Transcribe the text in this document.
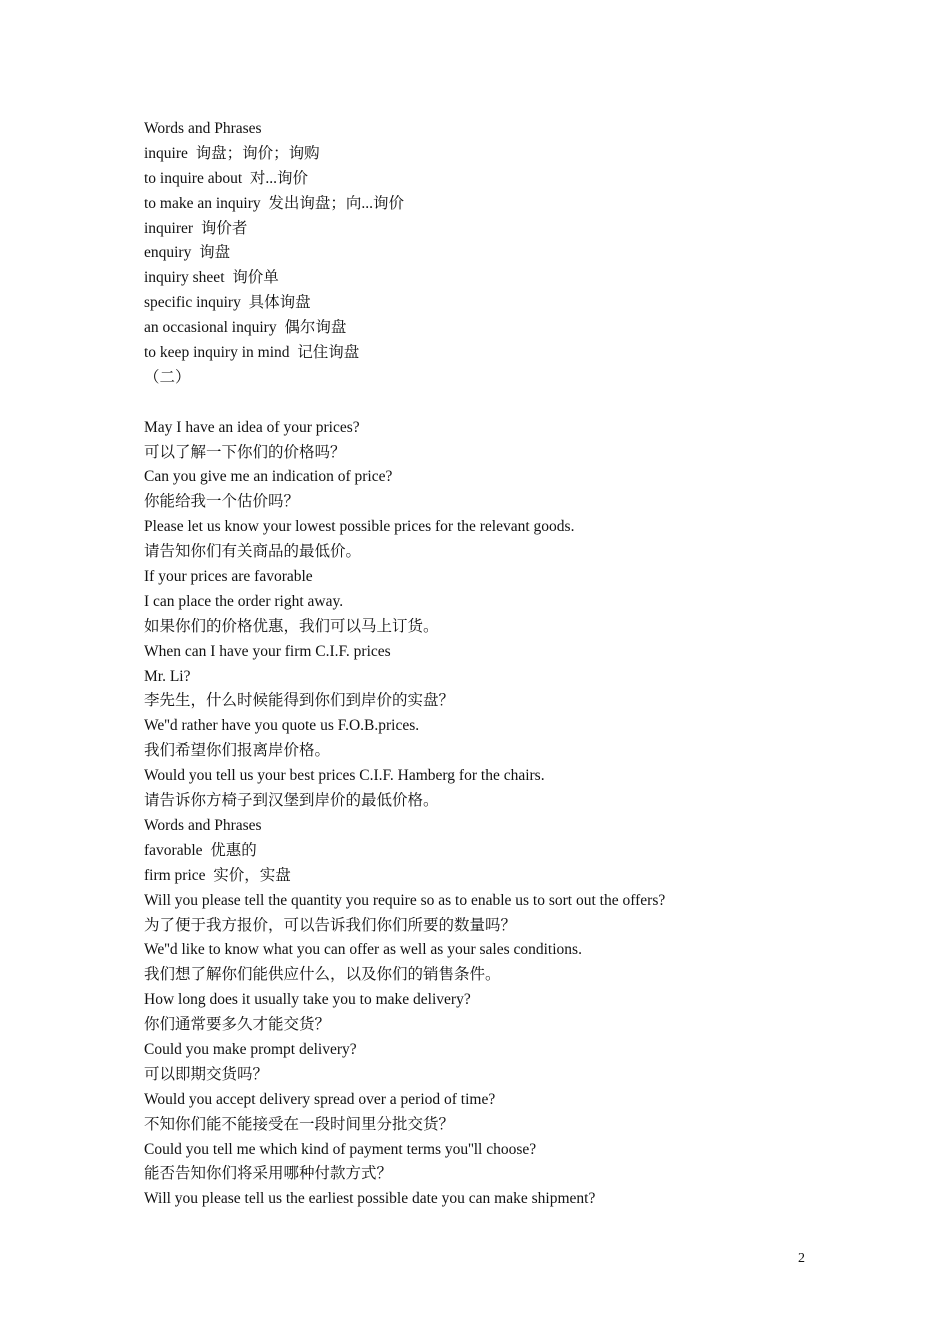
Words and Phrases
inquire  询盘；询价；询购
to inquire about  对...询价
to make an inquiry  发出询盘；向...询价
inquirer  询价者
enquiry  询盘
inquiry sheet  询价单
specific inquiry  具体询盘
an occasional inquiry  偶尔询盘
to keep inquiry in mind  记住询盘
（二）
May I have an idea of your prices?
可以了解一下你们的价格吗？
Can you give me an indication of price?
你能给我一个估价吗？
Please let us know your lowest possible prices for the relevant goods.
请告知你们有关商品的最低价。
If your prices are favorable
I can place the order right away.
如果你们的价格优惠，我们可以马上订货。
When can I have your firm C.I.F. prices
Mr. Li?
李先生，什么时候能得到你们到岸价的实盘？
We''d rather have you quote us F.O.B.prices.
我们希望你们报离岸价格。
Would you tell us your best prices C.I.F. Hamberg for the chairs.
请告诉你方椅子到汉堡到岸价的最低价格。
Words and Phrases
favorable  优惠的
firm price  实价，实盘
Will you please tell the quantity you require so as to enable us to sort out the offers?
为了便于我方报价，可以告诉我们你们所要的数量吗？
We''d like to know what you can offer as well as your sales conditions.
我们想了解你们能供应什么，以及你们的销售条件。
How long does it usually take you to make delivery?
你们通常要多久才能交货？
Could you make prompt delivery?
可以即期交货吗？
Would you accept delivery spread over a period of time?
不知你们能不能接受在一段时间里分批交货？
Could you tell me which kind of payment terms you''ll choose?
能否告知你们将采用哪种付款方式？
Will you please tell us the earliest possible date you can make shipment?
2
